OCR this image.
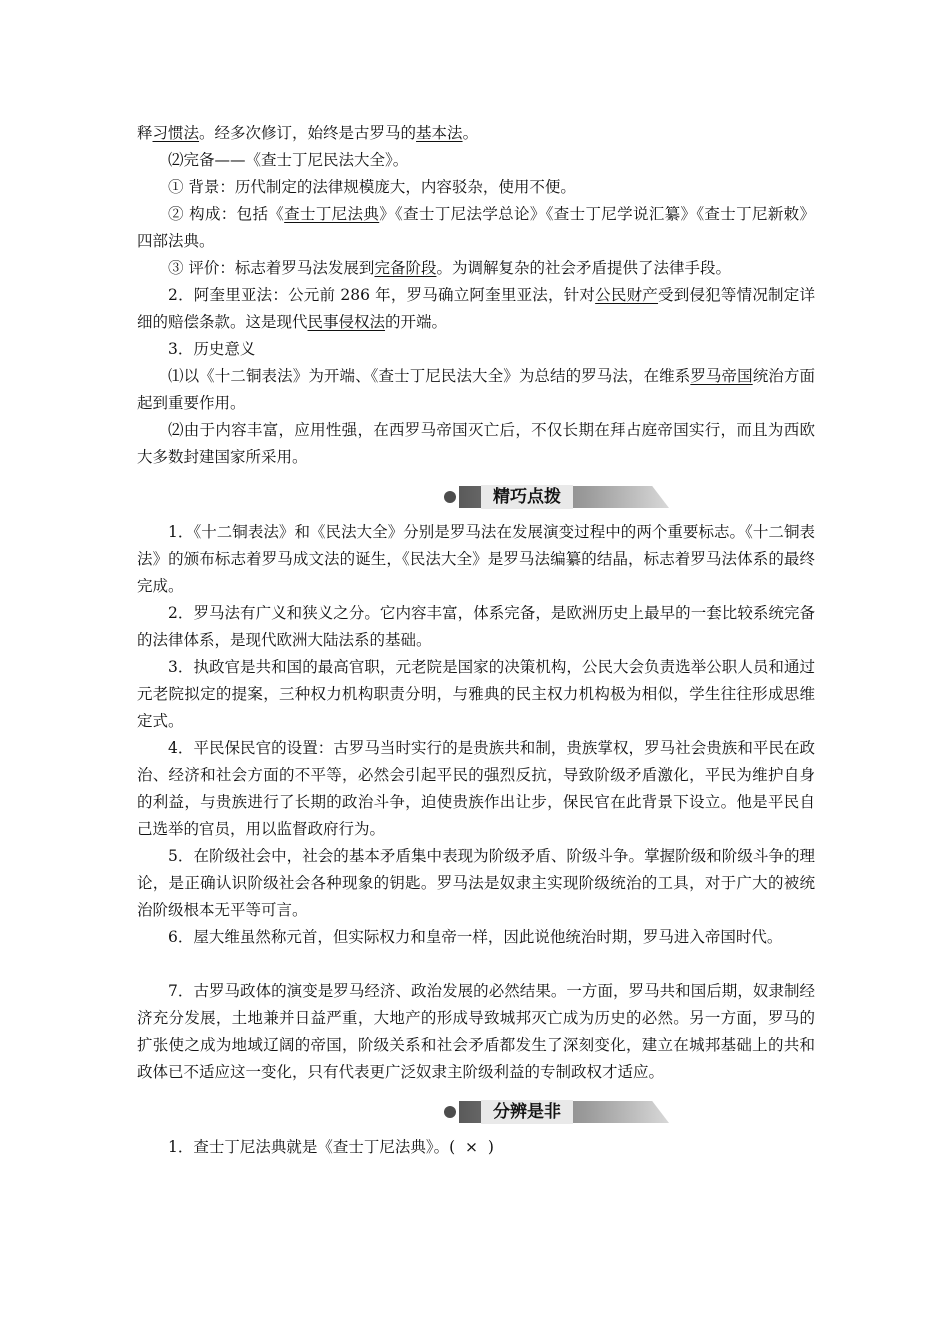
释习惯法。经多次修订，始终是古罗马的基本法。

⑵完备——《查士丁尼民法大全》。

① 背景：历代制定的法律规模庞大，内容驳杂，使用不便。

② 构成：包括《查士丁尼法典》《查士丁尼法学总论》《查士丁尼学说汇纂》《查士丁尼新敕》四部法典。

③ 评价：标志着罗马法发展到完备阶段。为调解复杂的社会矛盾提供了法律手段。

2．阿奎里亚法：公元前 286 年，罗马确立阿奎里亚法，针对公民财产受到侵犯等情况制定详细的赔偿条款。这是现代民事侵权法的开端。

3．历史意义

⑴以《十二铜表法》为开端、《查士丁尼民法大全》为总结的罗马法，在维系罗马帝国统治方面起到重要作用。

⑵由于内容丰富，应用性强，在西罗马帝国灭亡后，不仅长期在拜占庭帝国实行，而且为西欧大多数封建国家所采用。

精巧点拨

1．《十二铜表法》和《民法大全》分别是罗马法在发展演变过程中的两个重要标志。《十二铜表法》的颁布标志着罗马成文法的诞生，《民法大全》是罗马法编纂的结晶，标志着罗马法体系的最终完成。

2．罗马法有广义和狭义之分。它内容丰富，体系完备，是欧洲历史上最早的一套比较系统完备的法律体系，是现代欧洲大陆法系的基础。

3．执政官是共和国的最高官职，元老院是国家的决策机构，公民大会负责选举公职人员和通过元老院拟定的提案，三种权力机构职责分明，与雅典的民主权力机构极为相似，学生往往形成思维定式。

4．平民保民官的设置：古罗马当时实行的是贵族共和制，贵族掌权，罗马社会贵族和平民在政治、经济和社会方面的不平等，必然会引起平民的强烈反抗，导致阶级矛盾激化，平民为维护自身的利益，与贵族进行了长期的政治斗争，迫使贵族作出让步，保民官在此背景下设立。他是平民自己选举的官员，用以监督政府行为。

5．在阶级社会中，社会的基本矛盾集中表现为阶级矛盾、阶级斗争。掌握阶级和阶级斗争的理论，是正确认识阶级社会各种现象的钥匙。罗马法是奴隶主实现阶级统治的工具，对于广大的被统治阶级根本无平等可言。

6．屋大维虽然称元首，但实际权力和皇帝一样，因此说他统治时期，罗马进入帝国时代。

7．古罗马政体的演变是罗马经济、政治发展的必然结果。一方面，罗马共和国后期，奴隶制经济充分发展，土地兼并日益严重，大地产的形成导致城邦灭亡成为历史的必然。另一方面，罗马的扩张使之成为地域辽阔的帝国，阶级关系和社会矛盾都发生了深刻变化，建立在城邦基础上的共和政体已不适应这一变化，只有代表更广泛奴隶主阶级利益的专制政权才适应。

分辨是非

1．查士丁尼法典就是《查士丁尼法典》。( × )
